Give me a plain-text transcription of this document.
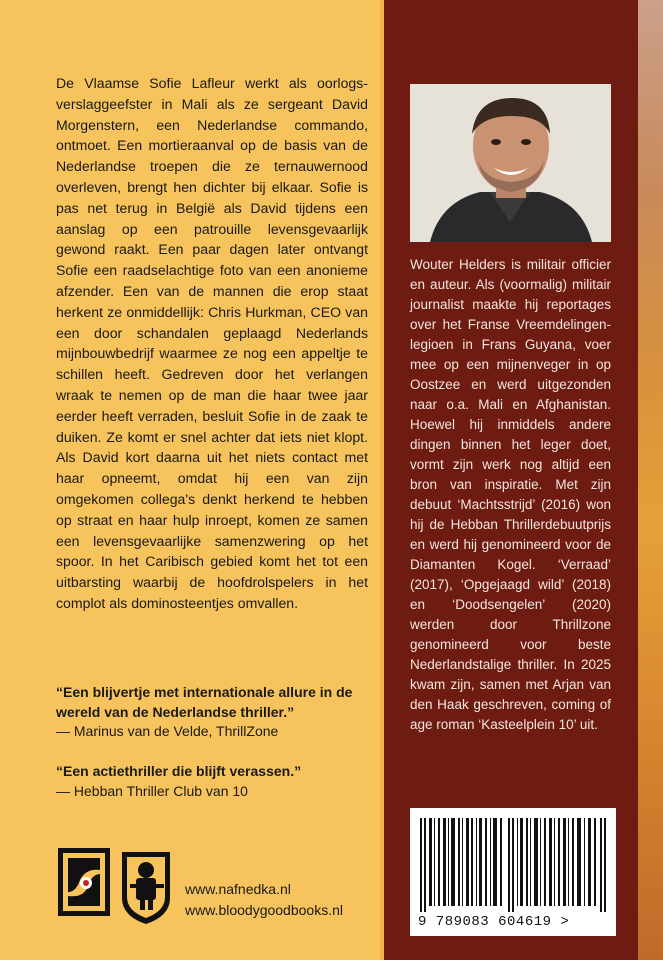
De Vlaamse Sofie Lafleur werkt als oorlogsverslaggeefster in Mali als ze sergeant David Morgenstern, een Nederlandse commando, ontmoet. Een mortieraanval op de basis van de Nederlandse troepen die ze ternauwernood overleven, brengt hen dichter bij elkaar. Sofie is pas net terug in België als David tijdens een aanslag op een patrouille levensgevaarlijk gewond raakt. Een paar dagen later ontvangt Sofie een raadselachtige foto van een anonieme afzender. Een van de mannen die erop staat herkent ze onmiddellijk: Chris Hurkman, CEO van een door schandalen geplaagd Nederlands mijnbouwbedrijf waarmee ze nog een appeltje te schillen heeft. Gedreven door het verlangen wraak te nemen op de man die haar twee jaar eerder heeft verraden, besluit Sofie in de zaak te duiken. Ze komt er snel achter dat iets niet klopt. Als David kort daarna uit het niets contact met haar opneemt, omdat hij een van zijn omgekomen collega's denkt herkend te hebben op straat en haar hulp inroept, komen ze samen een levensgevaarlijke samenzwering op het spoor. In het Caribisch gebied komt het tot een uitbarsting waarbij de hoofdrolspelers in het complot als dominosteentjes omvallen.

“Een blijvertje met internationale allure in de wereld van de Nederlandse thriller.”
— Marinus van de Velde, ThrillZone
“Een actiethriller die blijft verassen.”
— Hebban Thriller Club van 10
www.nafnedka.nl
www.bloodygoodbooks.nl

Wouter Helders is militair officier en auteur. Als (voormalig) militair journalist maakte hij reportages over het Franse Vreemdelingenlegioen in Frans Guyana, voer mee op een mijnenveger in op Oostzee en werd uitgezonden naar o.a. Mali en Afghanistan. Hoewel hij inmiddels andere dingen binnen het leger doet, vormt zijn werk nog altijd een bron van inspiratie. Met zijn debuut ‘Machtsstrijd’ (2016) won hij de Hebban Thrillerdebuutprijs en werd hij genomineerd voor de Diamanten Kogel. ‘Verraad’ (2017), ‘Opgejaagd wild’ (2018) en ‘Doodsengelen’ (2020) werden door Thrillzone genomineerd voor beste Nederlandstalige thriller. In 2025 kwam zijn, samen met Arjan van den Haak geschreven, coming of age roman ‘Kasteelplein 10’ uit.

9 789083 604619 >
